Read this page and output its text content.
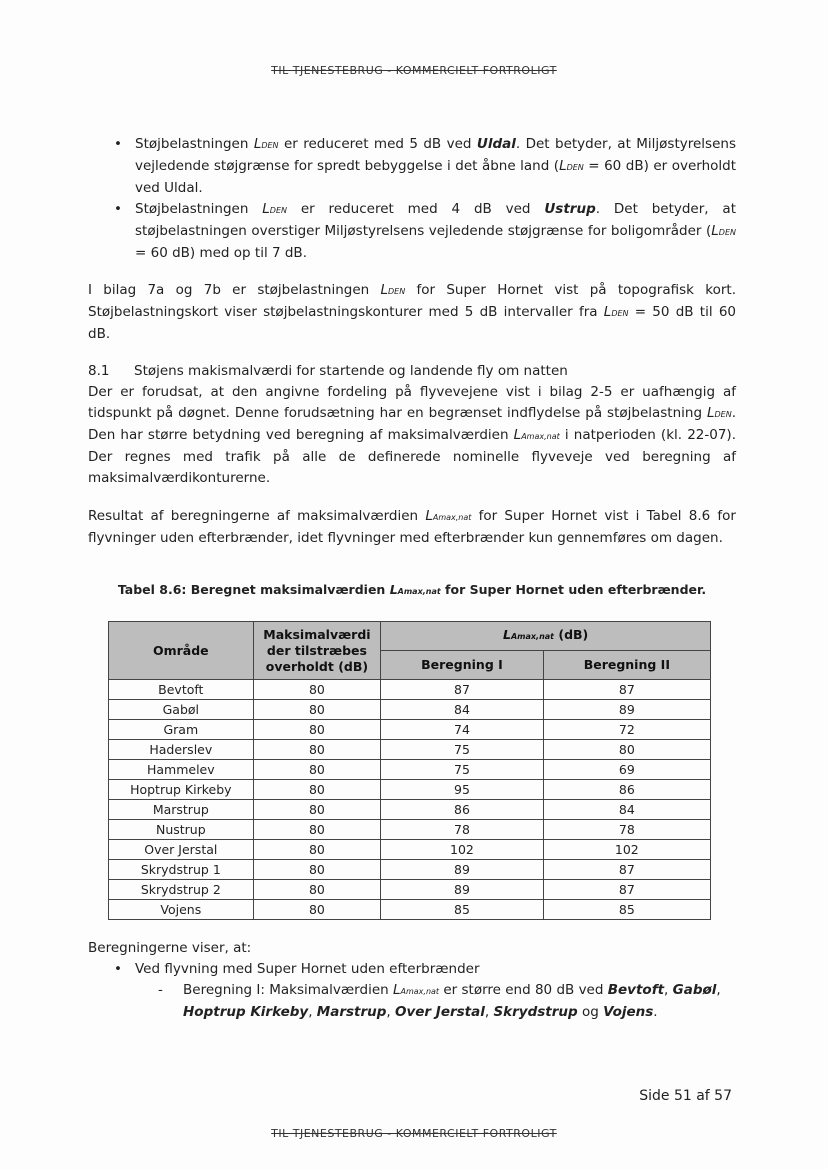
TIL TJENESTEBRUG - KOMMERCIELT FORTROLIGT
• Støjbelastningen LDEN er reduceret med 5 dB ved Uldal. Det betyder, at Miljøstyrelsens vejledende støjgrænse for spredt bebyggelse i det åbne land (LDEN = 60 dB) er overholdt ved Uldal.
• Støjbelastningen LDEN er reduceret med 4 dB ved Ustrup. Det betyder, at støjbelastningen overstiger Miljøstyrelsens vejledende støjgrænse for boligområder (LDEN = 60 dB) med op til 7 dB.

I bilag 7a og 7b er støjbelastningen LDEN for Super Hornet vist på topografisk kort. Støjbelastningskort viser støjbelastningskonturer med 5 dB intervaller fra LDEN = 50 dB til 60 dB.

8.1	Støjens makismalværdi for startende og landende fly om natten

Der er forudsat, at den angivne fordeling på flyvevejene vist i bilag 2-5 er uafhængig af tidspunkt på døgnet. Denne forudsætning har en begrænset indflydelse på støjbelastning LDEN. Den har større betydning ved beregning af maksimalværdien LAmax,nat i natperioden (kl. 22-07). Der regnes med trafik på alle de definerede nominelle flyveveje ved beregning af maksimalværdikonturerne.

Resultat af beregningerne af maksimalværdien LAmax,nat for Super Hornet vist i Tabel 8.6 for flyvninger uden efterbrænder, idet flyvninger med efterbrænder kun gennemføres om dagen.

Tabel 8.6: Beregnet maksimalværdien LAmax,nat for Super Hornet uden efterbrænder.
Område	Maksimalværdi der tilstræbes overholdt (dB)	LAmax,nat (dB)	
		Beregning I	Beregning II
Bevtoft	80	87	87
Gabøl	80	84	89
Gram	80	74	72
Haderslev	80	75	80
Hammelev	80	75	69
Hoptrup Kirkeby	80	95	86
Marstrup	80	86	84
Nustrup	80	78	78
Over Jerstal	80	102	102
Skrydstrup 1	80	89	87
Skrydstrup 2	80	89	87
Vojens	80	85	85

Beregningerne viser, at:

• Ved flyvning med Super Hornet uden efterbrænder
- Beregning I: Maksimalværdien LAmax,nat er større end 80 dB ved Bevtoft, Gabøl, Hoptrup Kirkeby, Marstrup, Over Jerstal, Skrydstrup og Vojens.
Side 51 af 57
TIL TJENESTEBRUG - KOMMERCIELT FORTROLIGT
